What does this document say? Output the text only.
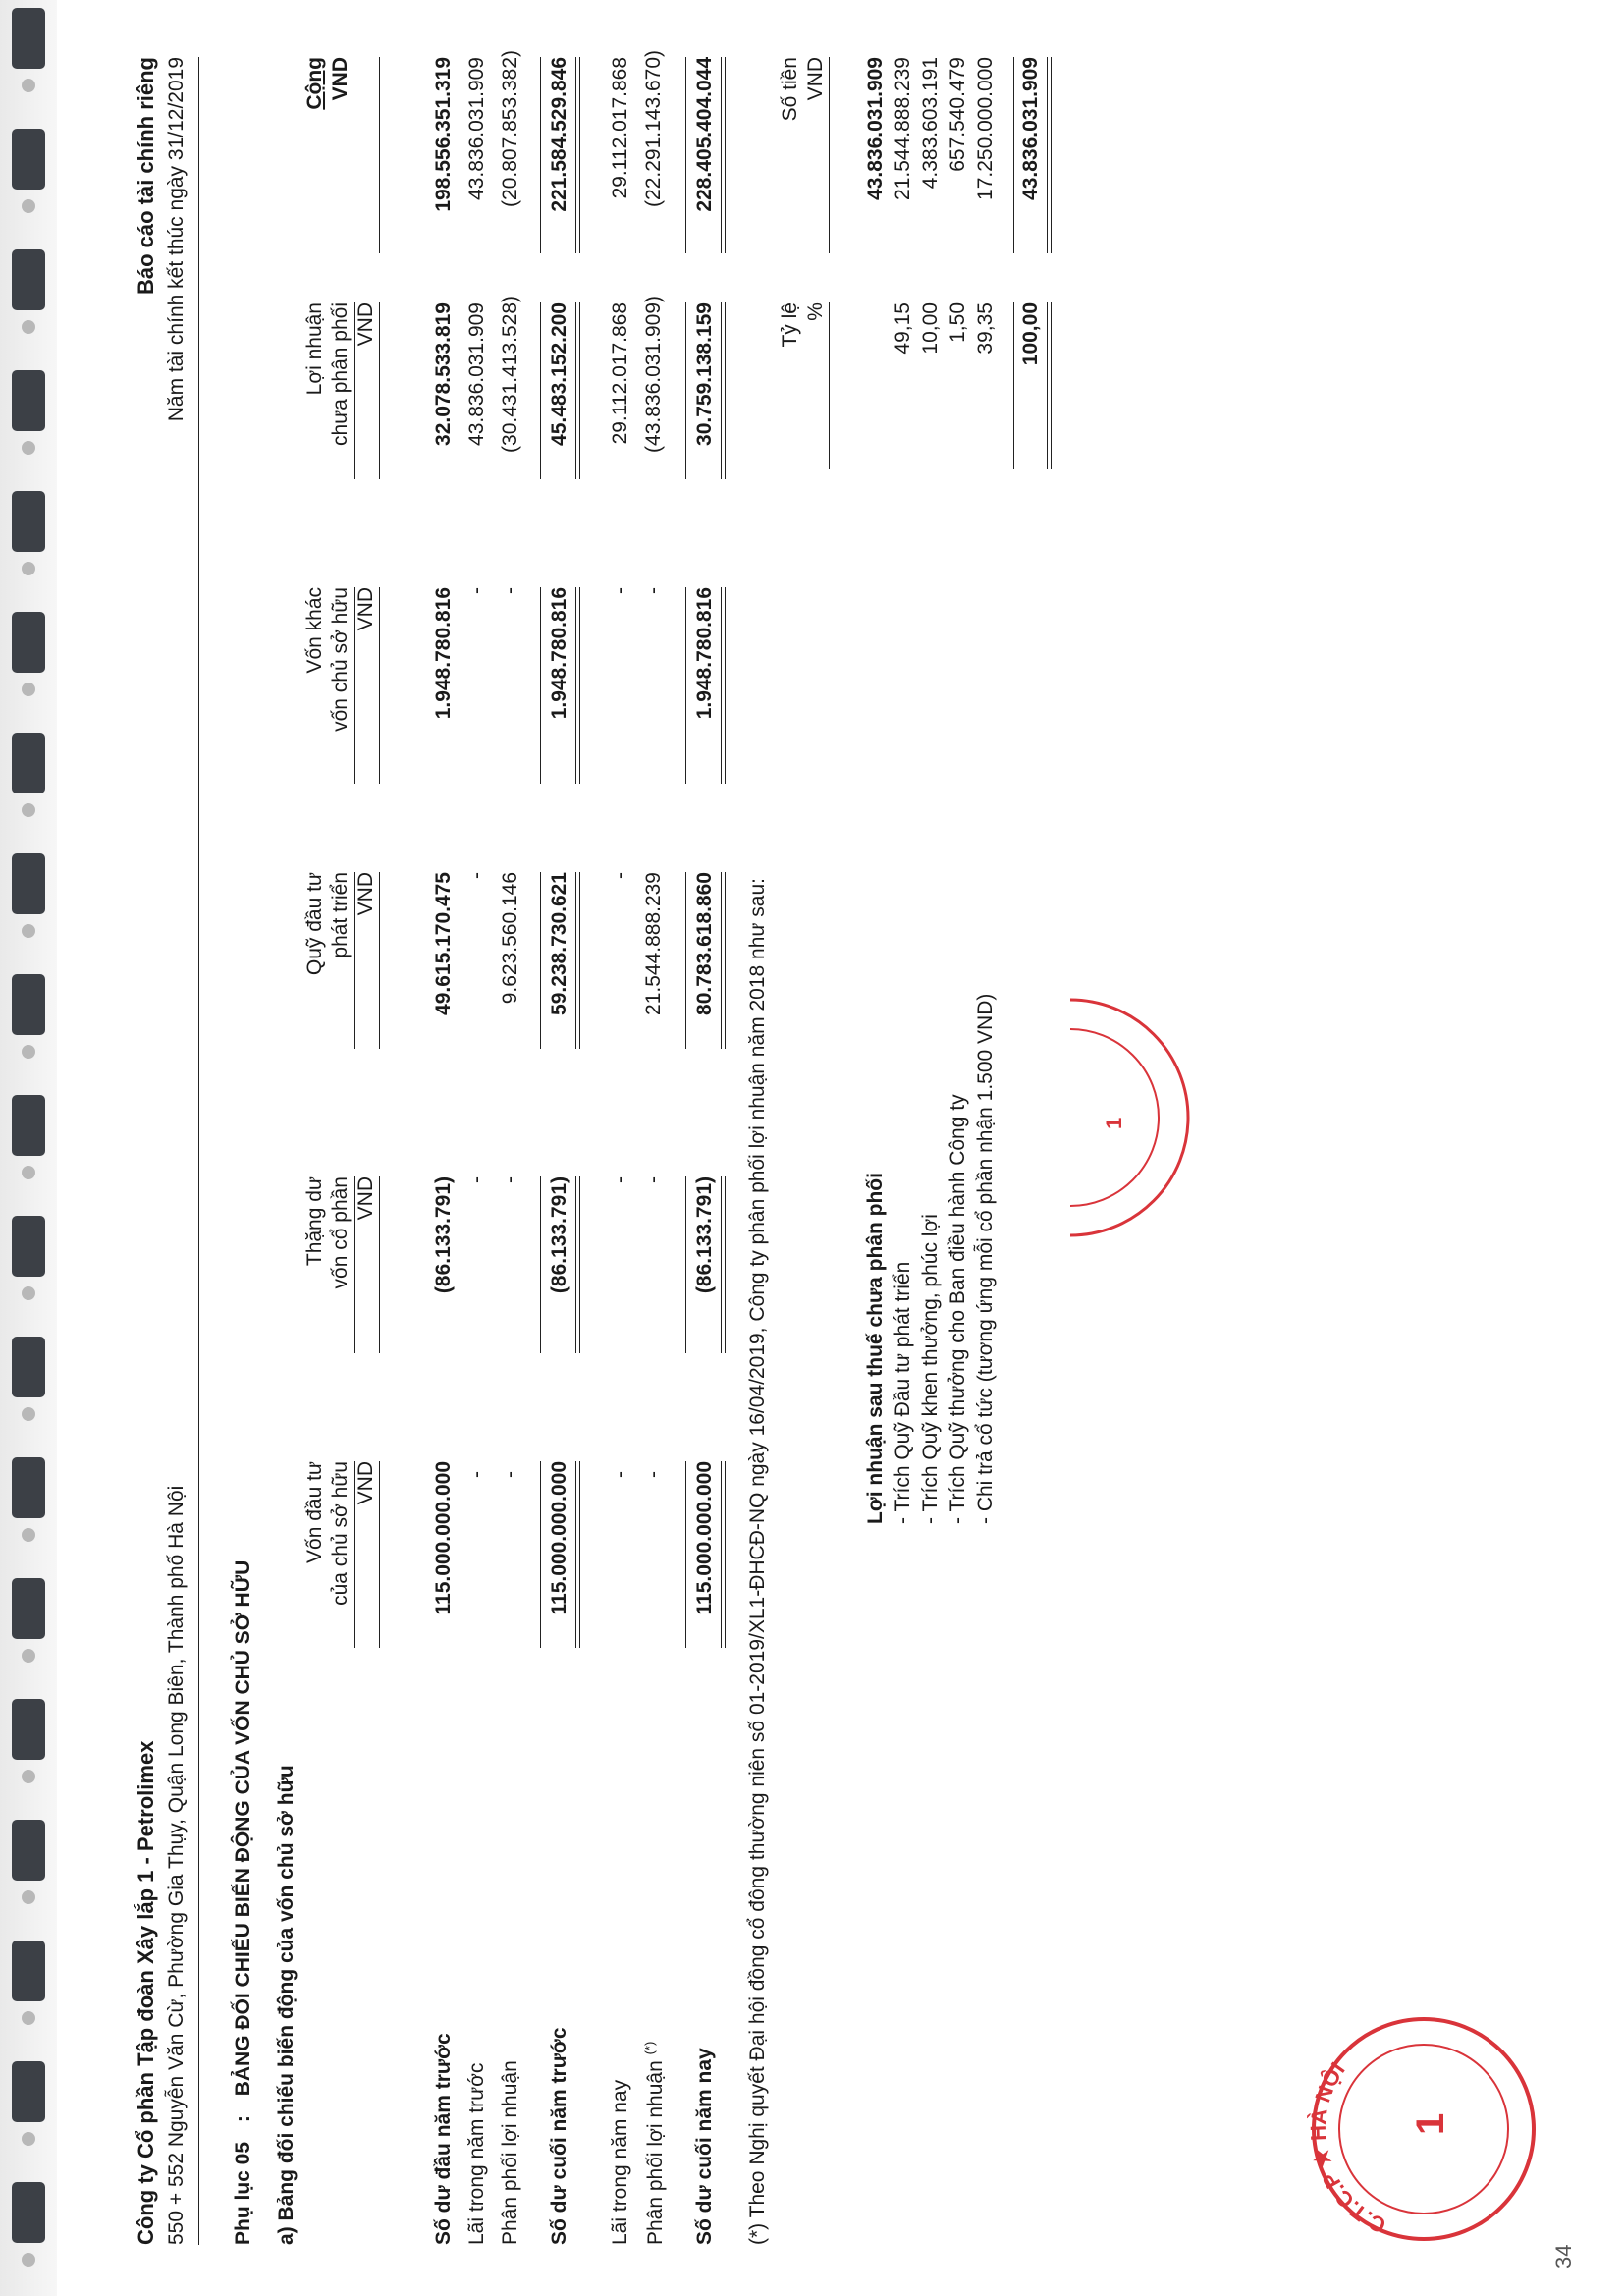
Công ty Cổ phần Tập đoàn Xây lắp 1 - Petrolimex 550 + 552 Nguyễn Văn Cừ, Phường Gia Thụy, Quận Long Biên, Thành phố Hà Nội
Báo cáo tài chính riêng Năm tài chính kết thúc ngày 31/12/2019
Phụ lục 05 : BẢNG ĐỐI CHIẾU BIẾN ĐỘNG CỦA VỐN CHỦ SỞ HỮU a) Bảng đối chiếu biến động của vốn chủ sở hữu
Vốn đầu tư của chủ sở hữu VND
Thặng dư vốn cổ phần VND
Quỹ đầu tư phát triển VND
Vốn khác vốn chủ sở hữu VND
Lợi nhuận chưa phân phối VND
Cộng VND
Số dư đầu năm trước
115.000.000.000
(86.133.791)
49.615.170.475
1.948.780.816
32.078.533.819
198.556.351.319
Lãi trong năm trước
-
-
-
-
43.836.031.909
43.836.031.909
Phân phối lợi nhuận
-
-
9.623.560.146
-
(30.431.413.528)
(20.807.853.382)
Số dư cuối năm trước
115.000.000.000
(86.133.791)
59.238.730.621
1.948.780.816
45.483.152.200
221.584.529.846
Lãi trong năm nay
-
-
-
-
29.112.017.868
29.112.017.868
Phân phối lợi nhuận (*)
-
-
21.544.888.239
-
(43.836.031.909)
(22.291.143.670)
Số dư cuối năm nay
115.000.000.000
(86.133.791)
80.783.618.860
1.948.780.816
30.759.138.159
228.405.404.044
(*) Theo Nghị quyết Đại hội đồng cổ đông thường niên số 01-2019/XL1-ĐHCĐ-NQ ngày 16/04/2019, Công ty phân phối lợi nhuận năm 2018 như sau:
Tỷ lệ %
Số tiền VND
Lợi nhuận sau thuế chưa phân phối
43.836.031.909
- Trích Quỹ Đầu tư phát triển
49,15
21.544.888.239
- Trích Quỹ khen thưởng, phúc lợi
10,00
4.383.603.191
- Trích Quỹ thưởng cho Ban điều hành Công ty
1,50
657.540.479
- Chi trả cổ tức (tương ứng mỗi cổ phần nhận 1.500 VND)
39,35
17.250.000.000
100,00
43.836.031.909
1
C.T.C.P ★ HÀ NỘI
1
34
